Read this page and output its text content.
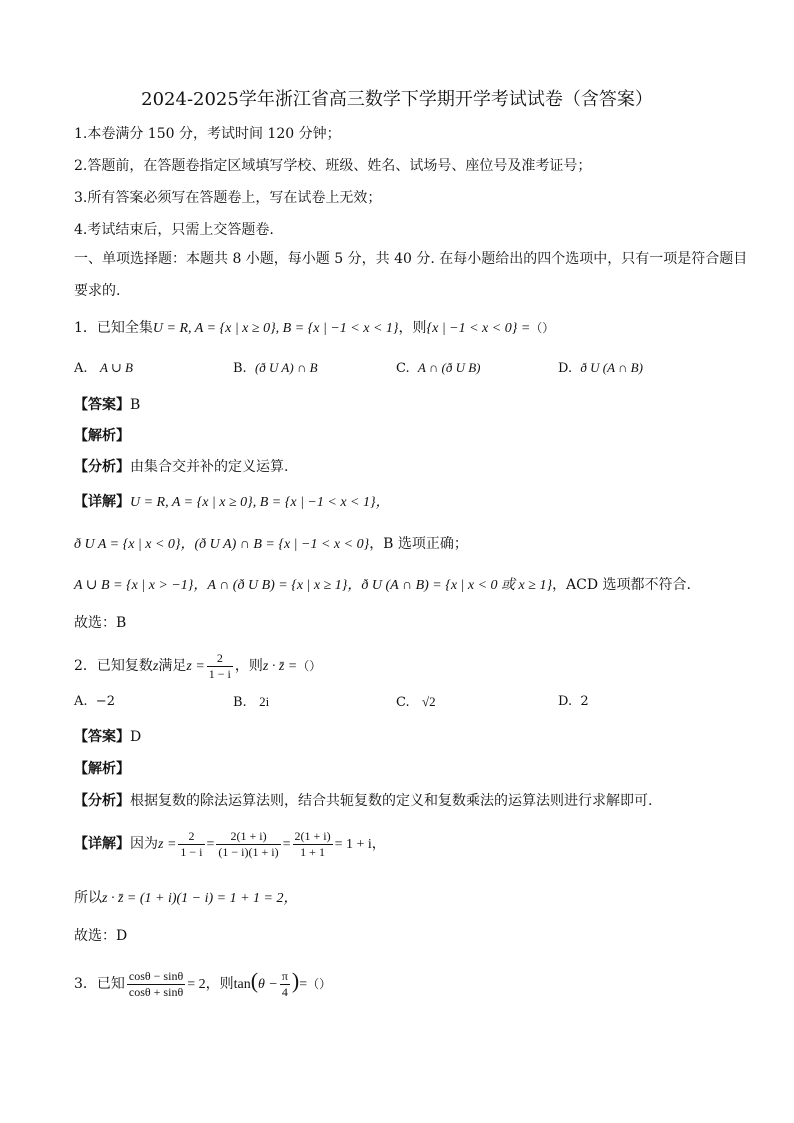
2024-2025学年浙江省高三数学下学期开学考试试卷（含答案）
1.本卷满分 150 分，考试时间 120 分钟；
2.答题前，在答题卷指定区域填写学校、班级、姓名、试场号、座位号及准考证号；
3.所有答案必须写在答题卷上，写在试卷上无效；
4.考试结束后，只需上交答题卷.
一、单项选择题：本题共 8 小题，每小题 5 分，共 40 分. 在每小题给出的四个选项中，只有一项是符合题目
要求的.
1．已知全集U = R, A = {x | x ≥ 0}, B = {x | −1 < x < 1}，则{x | −1 < x < 0} =（）
A. A ∪ B	B. (ð U A) ∩ B	C. A ∩ (ð U B)	D. ð U (A ∩ B)
【答案】B
【解析】
【分析】由集合交并补的定义运算.
【详解】U = R, A = {x | x ≥ 0}, B = {x | −1 < x < 1}，
ð U A = {x | x < 0}，(ð U A) ∩ B = {x | −1 < x < 0}，B 选项正确；
A ∪ B = {x | x > −1}，A ∩ (ð U B) = {x | x ≥ 1}，ð U (A ∩ B) = {x | x < 0 或 x ≥ 1}，ACD 选项都不符合.
故选：B
2．已知复数z满足$z = \frac{2}{1 - i}$ ，则z · z̄ =（）
A. −2	B. 2i	C. √2	D. 2
【答案】D
【解析】
【分析】根据复数的除法运算法则，结合共轭复数的定义和复数乘法的运算法则进行求解即可.
【详解】因为$z = \frac{2}{1 - i} = \frac{2(1 + i)}{(1 - i)(1 + i)} = \frac{2(1 + i)}{1 + 1} = 1 + i$，
所以z · z̄ = (1 + i)(1 − i) = 1 + 1 = 2，
故选：D
3．已知 $\frac{\cos\theta - \sin\theta}{\cos\theta + \sin\theta} = 2$，则$\tan(\theta - \frac{\pi}{4}$ )=（）
